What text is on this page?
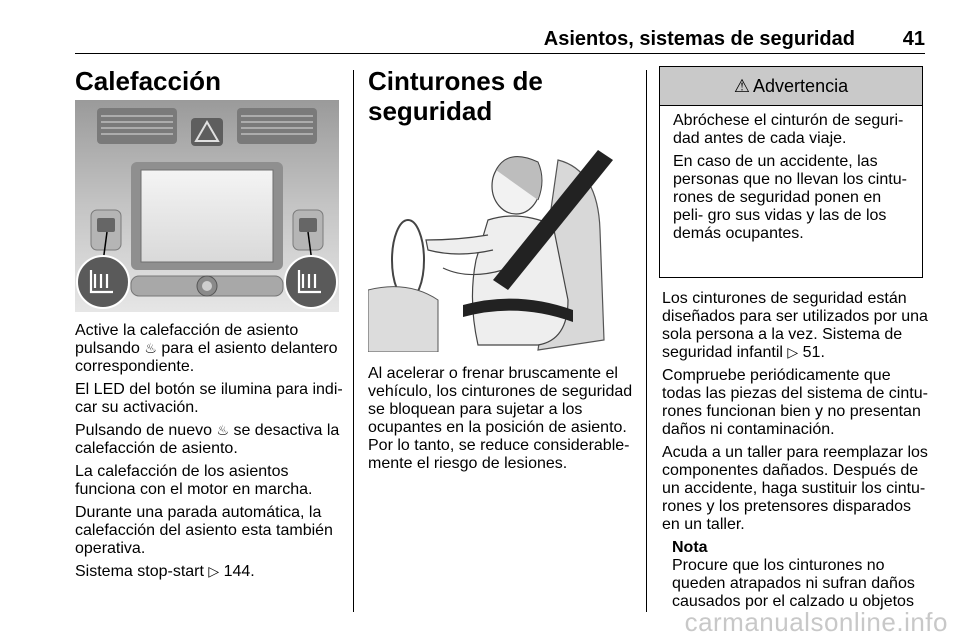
Asientos, sistemas de seguridad 41
Calefacción

Active la calefacción de asiento pulsando ♨ para el asiento delantero correspondiente.

El LED del botón se ilumina para indi- car su activación.

Pulsando de nuevo ♨ se desactiva la calefacción de asiento.

La calefacción de los asientos funciona con el motor en marcha.

Durante una parada automática, la calefacción del asiento esta también operativa.

Sistema stop-start ▷ 144.

Cinturones de seguridad

Al acelerar o frenar bruscamente el vehículo, los cinturones de seguridad se bloquean para sujetar a los ocupantes en la posición de asiento. Por lo tanto, se reduce considerable- mente el riesgo de lesiones.

⚠ Advertencia

Abróchese el cinturón de seguri- dad antes de cada viaje.

En caso de un accidente, las personas que no llevan los cintu- rones de seguridad ponen en peli- gro sus vidas y las de los demás ocupantes.

Los cinturones de seguridad están diseñados para ser utilizados por una sola persona a la vez. Sistema de seguridad infantil ▷ 51.

Compruebe periódicamente que todas las piezas del sistema de cintu- rones funcionan bien y no presentan daños ni contaminación.

Acuda a un taller para reemplazar los componentes dañados. Después de un accidente, haga sustituir los cintu- rones y los pretensores disparados en un taller.

Nota

Procure que los cinturones no queden atrapados ni sufran daños causados por el calzado u objetos

carmanualsonline.info
